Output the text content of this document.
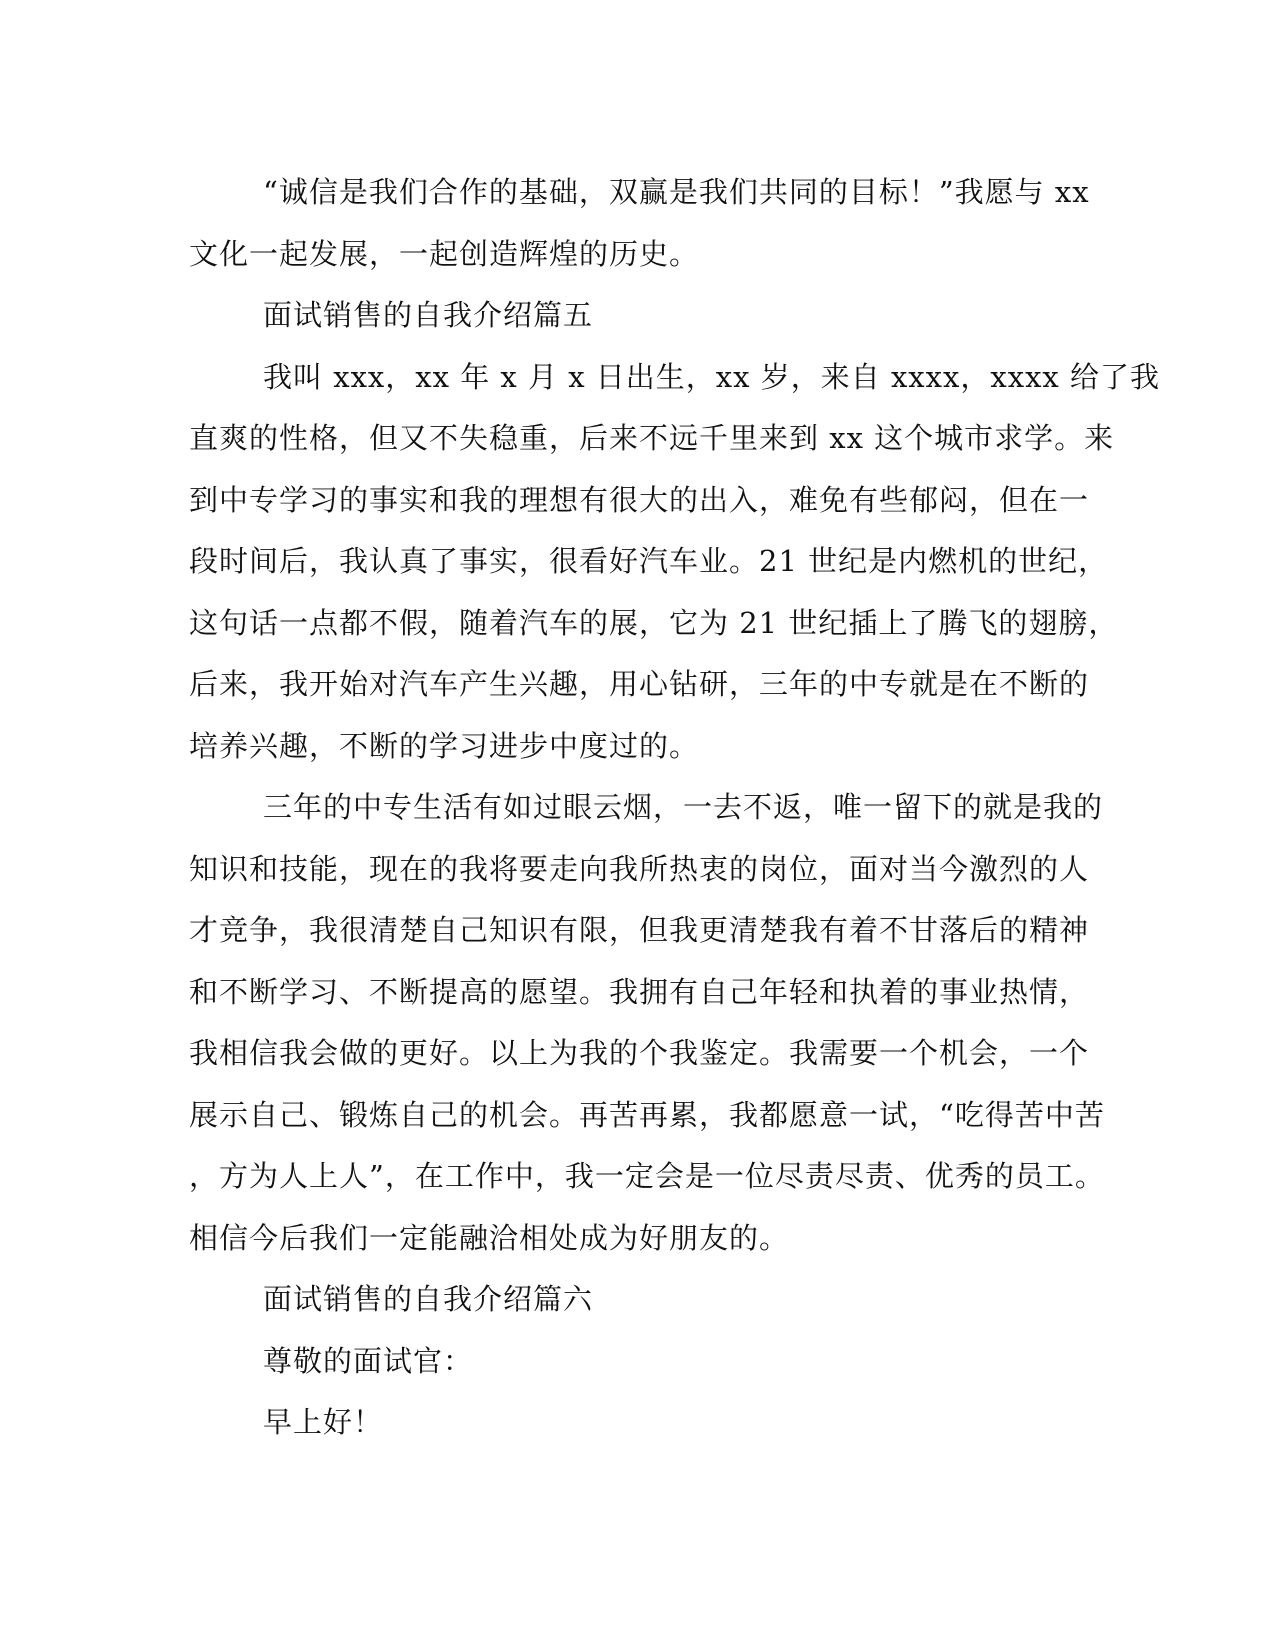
“诚信是我们合作的基础，双赢是我们共同的目标！”我愿与 xx
文化一起发展，一起创造辉煌的历史。
面试销售的自我介绍篇五
我叫 xxx，xx 年 x 月 x 日出生，xx 岁，来自 xxxx，xxxx 给了我
直爽的性格，但又不失稳重，后来不远千里来到 xx 这个城市求学。来
到中专学习的事实和我的理想有很大的出入，难免有些郁闷，但在一
段时间后，我认真了事实，很看好汽车业。21 世纪是内燃机的世纪，
这句话一点都不假，随着汽车的展，它为 21 世纪插上了腾飞的翅膀，
后来，我开始对汽车产生兴趣，用心钻研，三年的中专就是在不断的
培养兴趣，不断的学习进步中度过的。
三年的中专生活有如过眼云烟，一去不返，唯一留下的就是我的
知识和技能，现在的我将要走向我所热衷的岗位，面对当今激烈的人
才竞争，我很清楚自己知识有限，但我更清楚我有着不甘落后的精神
和不断学习、不断提高的愿望。我拥有自己年轻和执着的事业热情，
我相信我会做的更好。以上为我的个我鉴定。我需要一个机会，一个
展示自己、锻炼自己的机会。再苦再累，我都愿意一试，“吃得苦中苦
，方为人上人”，在工作中，我一定会是一位尽责尽责、优秀的员工。
相信今后我们一定能融洽相处成为好朋友的。
面试销售的自我介绍篇六
尊敬的面试官：
早上好！
